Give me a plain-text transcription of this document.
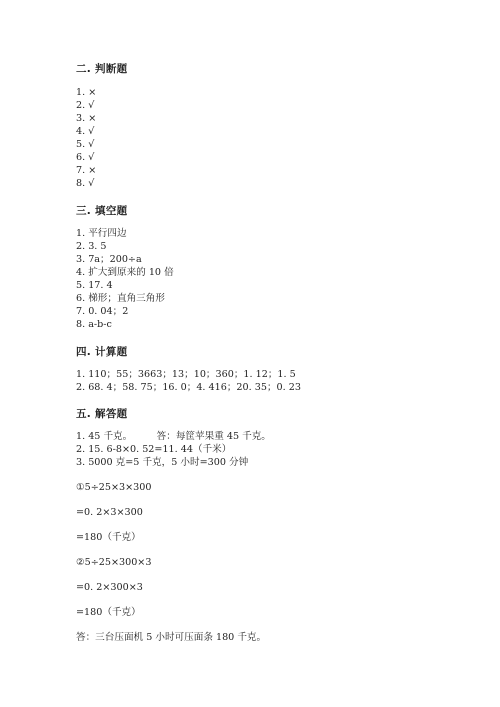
二. 判断题
1. ×
2. √
3. ×
4. √
5. √
6. √
7. ×
8. √
三. 填空题
1. 平行四边
2. 3. 5
3. 7a；200÷a
4. 扩大到原来的 10 倍
5. 17. 4
6. 梯形；直角三角形
7. 0. 04；2
8. a-b-c
四. 计算题
1. 110；55；3663；13；10；360；1. 12；1. 5
2. 68. 4；58. 75；16. 0；4. 416；20. 35；0. 23
五. 解答题
1. 45 千克。        答：每筐苹果重 45 千克。
2. 15. 6-8×0. 52=11. 44（千米）
3. 5000 克=5 千克，5 小时=300 分钟
①5÷25×3×300
=0. 2×3×300
=180（千克）
②5÷25×300×3
=0. 2×300×3
=180（千克）
答：三台压面机 5 小时可压面条 180 千克。
